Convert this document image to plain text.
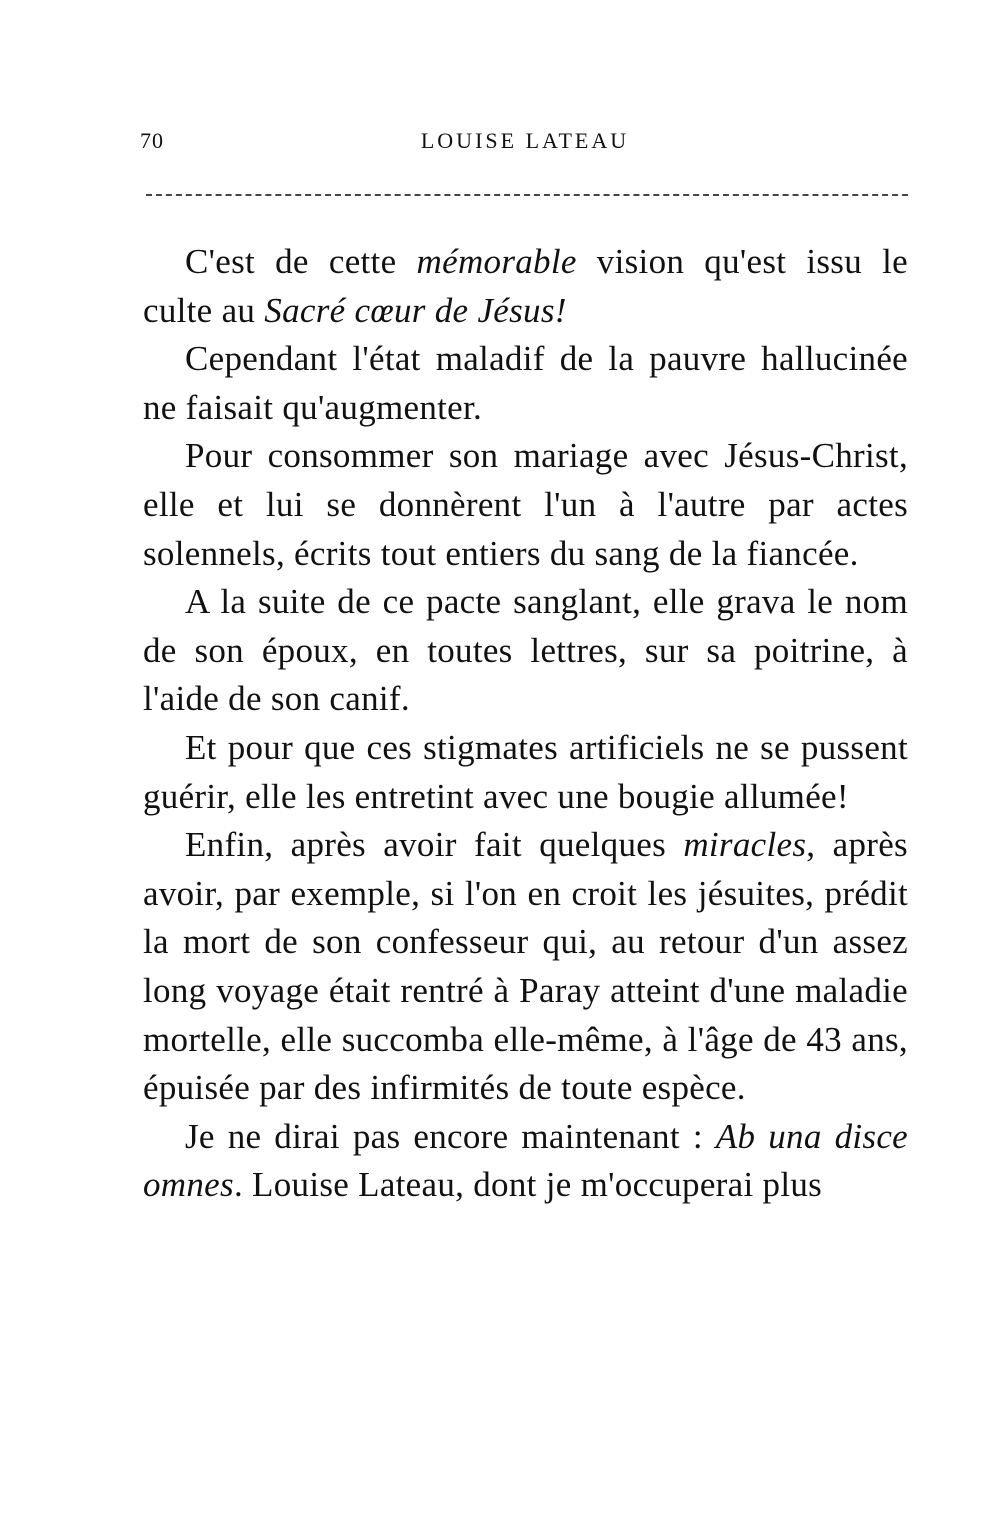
70	LOUISE LATEAU

C'est de cette mémorable vision qu'est issu le culte au Sacré cœur de Jésus!

Cependant l'état maladif de la pauvre hallucinée ne faisait qu'augmenter.

Pour consommer son mariage avec Jésus-Christ, elle et lui se donnèrent l'un à l'autre par actes solennels, écrits tout entiers du sang de la fiancée.

A la suite de ce pacte sanglant, elle grava le nom de son époux, en toutes lettres, sur sa poitrine, à l'aide de son canif.

Et pour que ces stigmates artificiels ne se pussent guérir, elle les entretint avec une bougie allumée!

Enfin, après avoir fait quelques miracles, après avoir, par exemple, si l'on en croit les jésuites, prédit la mort de son confesseur qui, au retour d'un assez long voyage était rentré à Paray atteint d'une maladie mortelle, elle succomba elle-même, à l'âge de 43 ans, épuisée par des infirmités de toute espèce.

Je ne dirai pas encore maintenant : Ab una disce omnes. Louise Lateau, dont je m'occuperai plus
